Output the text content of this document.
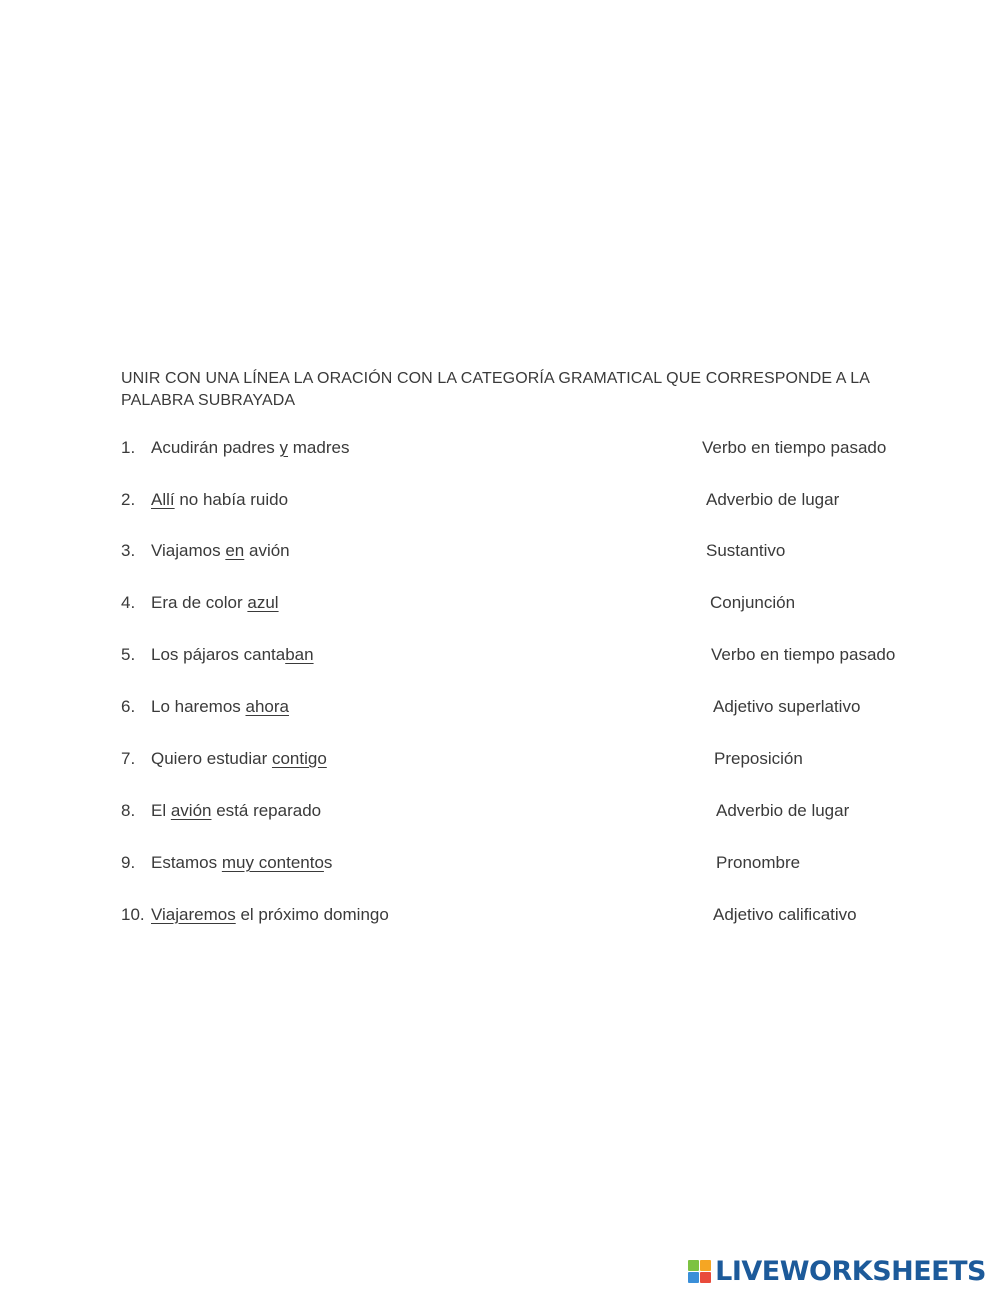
UNIR CON UNA LÍNEA LA ORACIÓN CON LA CATEGORÍA GRAMATICAL QUE CORRESPONDE A LA PALABRA SUBRAYADA
1. Acudirán padres y madres
2. Allí no había ruido
3. Viajamos en avión
4. Era de color azul
5. Los pájaros cantaban
6. Lo haremos ahora
7. Quiero estudiar contigo
8. El avión está reparado
9. Estamos muy contentos
10. Viajaremos el próximo domingo
Verbo en tiempo pasado
Adverbio de lugar
Sustantivo
Conjunción
Verbo en tiempo pasado
Adjetivo superlativo
Preposición
Adverbio de lugar
Pronombre
Adjetivo calificativo
LIVEWORKSHEETS
